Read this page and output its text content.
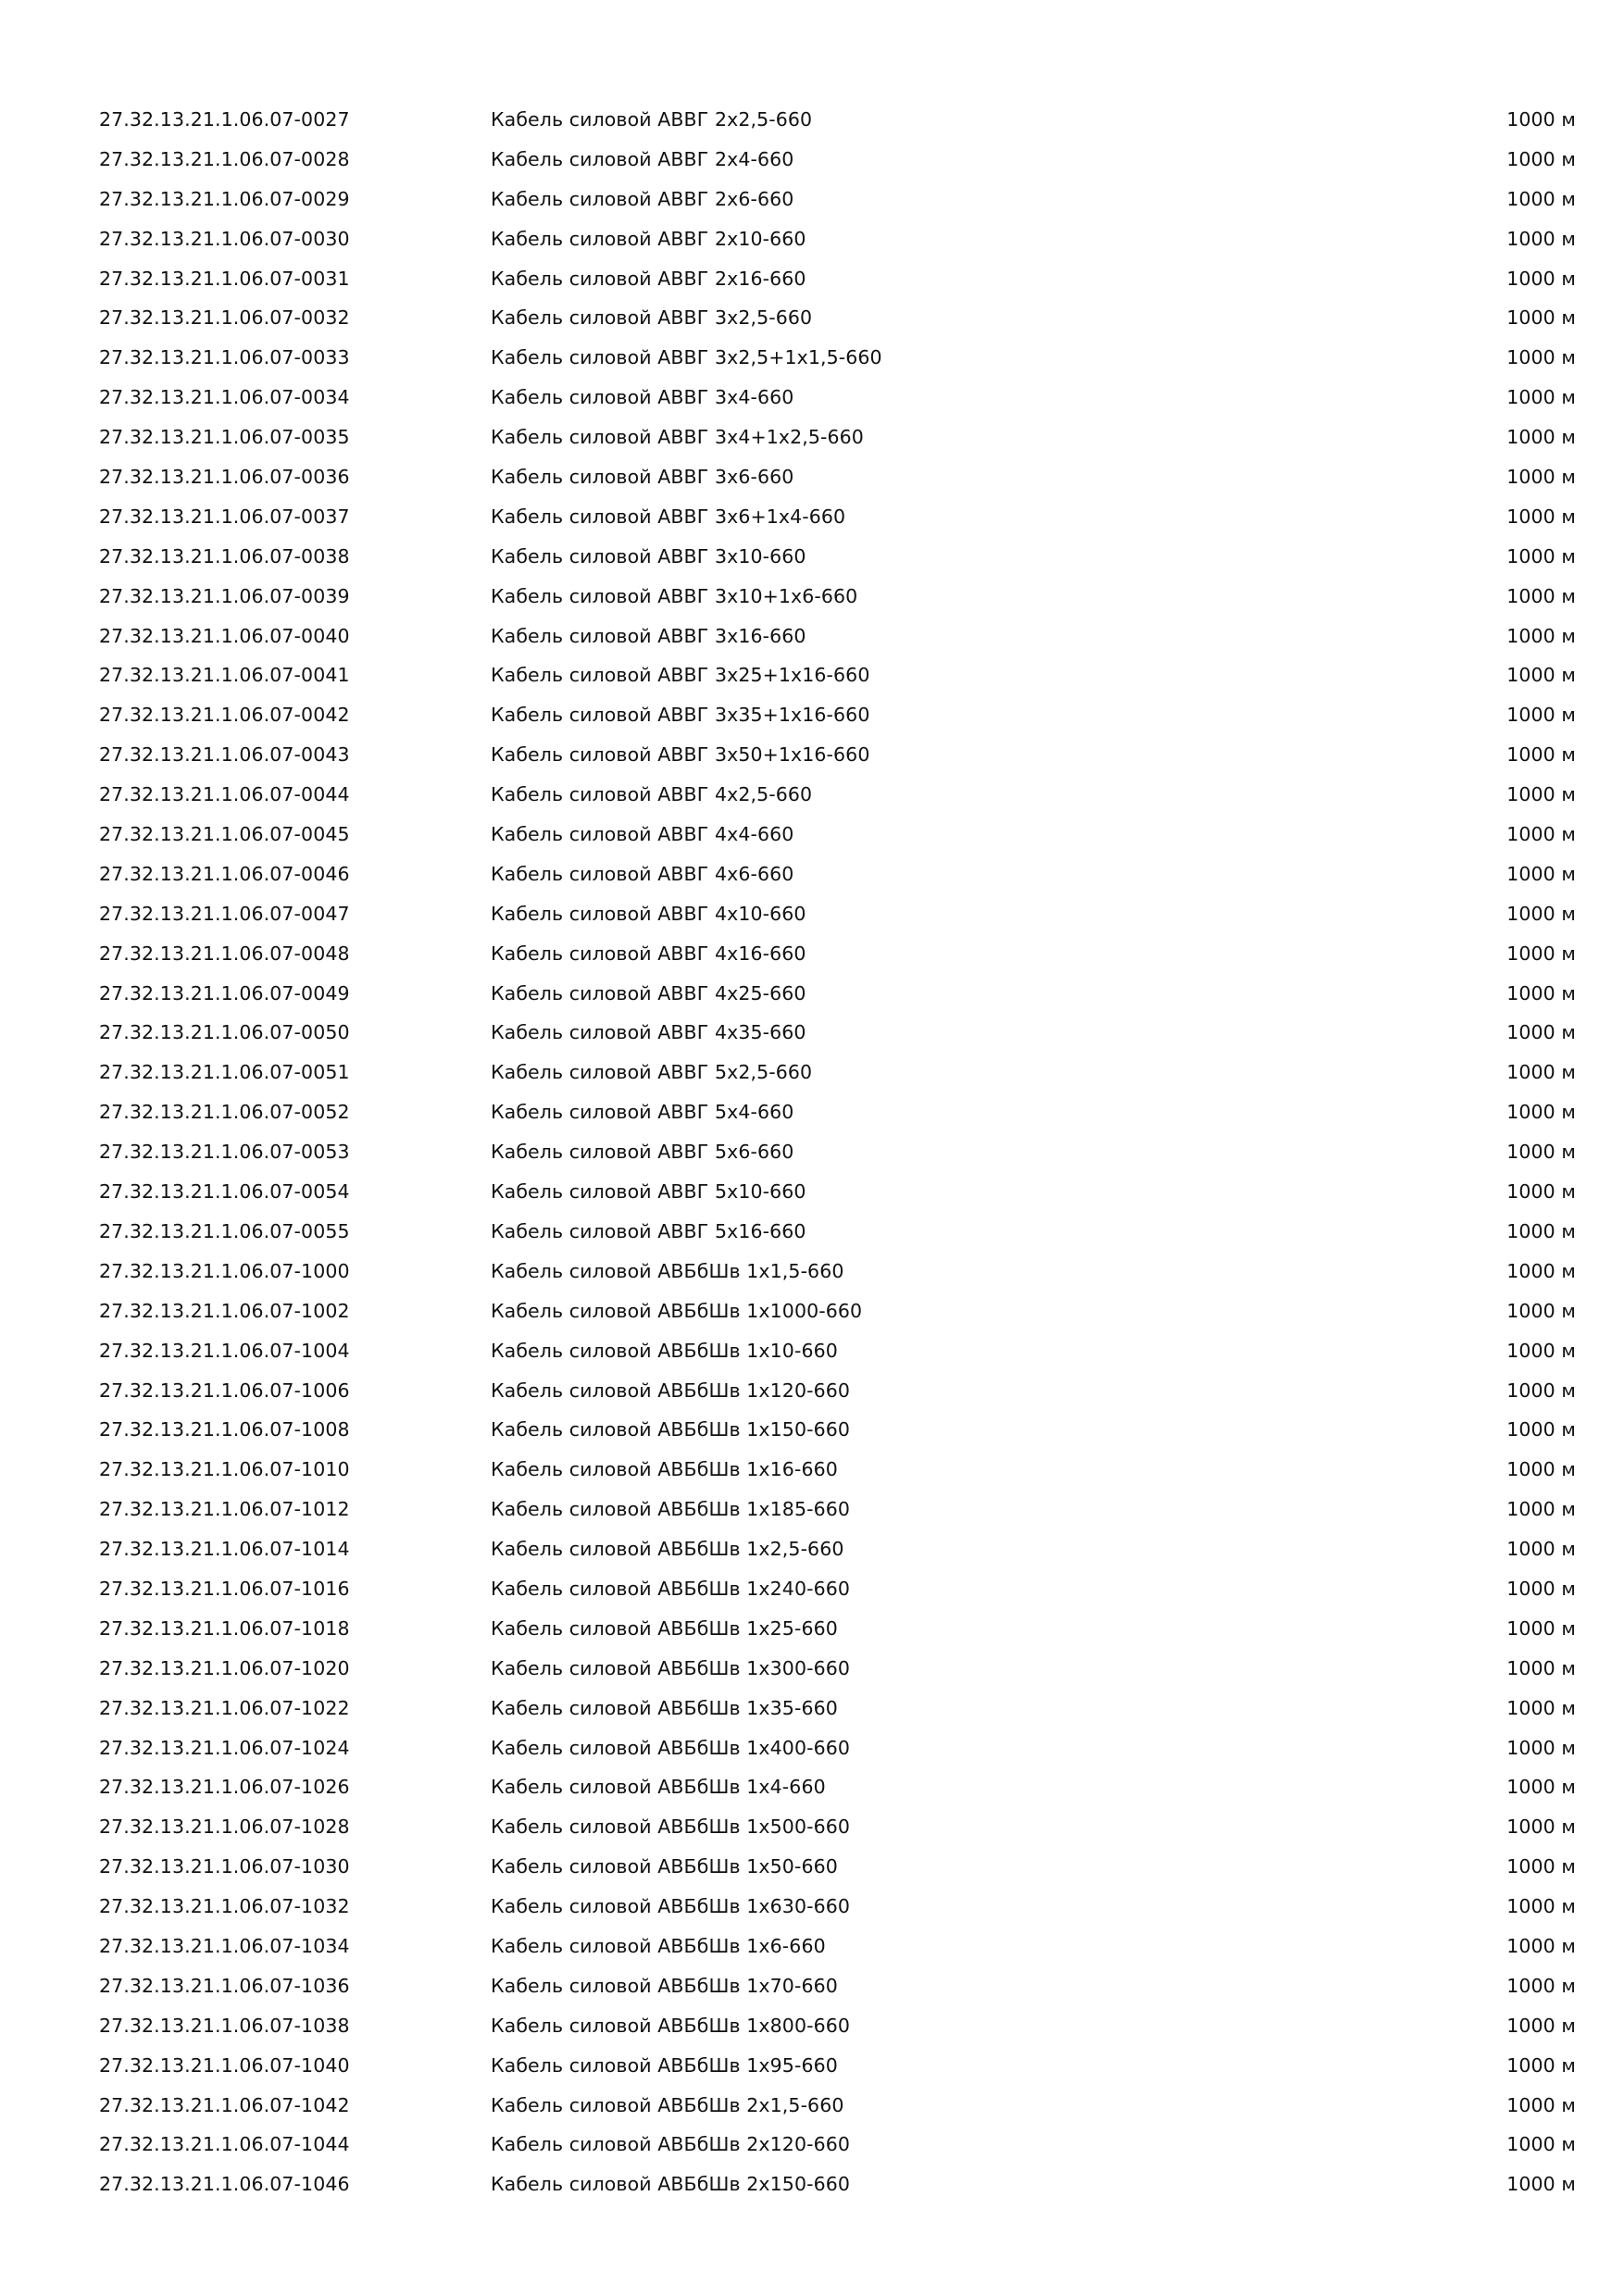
27.32.13.21.1.06.07-0027	Кабель силовой АВВГ 2х2,5-660	1000 м
27.32.13.21.1.06.07-0028	Кабель силовой АВВГ 2х4-660	1000 м
27.32.13.21.1.06.07-0029	Кабель силовой АВВГ 2х6-660	1000 м
27.32.13.21.1.06.07-0030	Кабель силовой АВВГ 2х10-660	1000 м
27.32.13.21.1.06.07-0031	Кабель силовой АВВГ 2х16-660	1000 м
27.32.13.21.1.06.07-0032	Кабель силовой АВВГ 3х2,5-660	1000 м
27.32.13.21.1.06.07-0033	Кабель силовой АВВГ 3х2,5+1х1,5-660	1000 м
27.32.13.21.1.06.07-0034	Кабель силовой АВВГ 3х4-660	1000 м
27.32.13.21.1.06.07-0035	Кабель силовой АВВГ 3х4+1х2,5-660	1000 м
27.32.13.21.1.06.07-0036	Кабель силовой АВВГ 3х6-660	1000 м
27.32.13.21.1.06.07-0037	Кабель силовой АВВГ 3х6+1х4-660	1000 м
27.32.13.21.1.06.07-0038	Кабель силовой АВВГ 3х10-660	1000 м
27.32.13.21.1.06.07-0039	Кабель силовой АВВГ 3х10+1х6-660	1000 м
27.32.13.21.1.06.07-0040	Кабель силовой АВВГ 3х16-660	1000 м
27.32.13.21.1.06.07-0041	Кабель силовой АВВГ 3х25+1х16-660	1000 м
27.32.13.21.1.06.07-0042	Кабель силовой АВВГ 3х35+1х16-660	1000 м
27.32.13.21.1.06.07-0043	Кабель силовой АВВГ 3х50+1х16-660	1000 м
27.32.13.21.1.06.07-0044	Кабель силовой АВВГ 4х2,5-660	1000 м
27.32.13.21.1.06.07-0045	Кабель силовой АВВГ 4х4-660	1000 м
27.32.13.21.1.06.07-0046	Кабель силовой АВВГ 4х6-660	1000 м
27.32.13.21.1.06.07-0047	Кабель силовой АВВГ 4х10-660	1000 м
27.32.13.21.1.06.07-0048	Кабель силовой АВВГ 4х16-660	1000 м
27.32.13.21.1.06.07-0049	Кабель силовой АВВГ 4х25-660	1000 м
27.32.13.21.1.06.07-0050	Кабель силовой АВВГ 4х35-660	1000 м
27.32.13.21.1.06.07-0051	Кабель силовой АВВГ 5х2,5-660	1000 м
27.32.13.21.1.06.07-0052	Кабель силовой АВВГ 5х4-660	1000 м
27.32.13.21.1.06.07-0053	Кабель силовой АВВГ 5х6-660	1000 м
27.32.13.21.1.06.07-0054	Кабель силовой АВВГ 5х10-660	1000 м
27.32.13.21.1.06.07-0055	Кабель силовой АВВГ 5х16-660	1000 м
27.32.13.21.1.06.07-1000	Кабель силовой АВБбШв 1х1,5-660	1000 м
27.32.13.21.1.06.07-1002	Кабель силовой АВБбШв 1х1000-660	1000 м
27.32.13.21.1.06.07-1004	Кабель силовой АВБбШв 1х10-660	1000 м
27.32.13.21.1.06.07-1006	Кабель силовой АВБбШв 1х120-660	1000 м
27.32.13.21.1.06.07-1008	Кабель силовой АВБбШв 1х150-660	1000 м
27.32.13.21.1.06.07-1010	Кабель силовой АВБбШв 1х16-660	1000 м
27.32.13.21.1.06.07-1012	Кабель силовой АВБбШв 1х185-660	1000 м
27.32.13.21.1.06.07-1014	Кабель силовой АВБбШв 1х2,5-660	1000 м
27.32.13.21.1.06.07-1016	Кабель силовой АВБбШв 1х240-660	1000 м
27.32.13.21.1.06.07-1018	Кабель силовой АВБбШв 1х25-660	1000 м
27.32.13.21.1.06.07-1020	Кабель силовой АВБбШв 1х300-660	1000 м
27.32.13.21.1.06.07-1022	Кабель силовой АВБбШв 1х35-660	1000 м
27.32.13.21.1.06.07-1024	Кабель силовой АВБбШв 1х400-660	1000 м
27.32.13.21.1.06.07-1026	Кабель силовой АВБбШв 1х4-660	1000 м
27.32.13.21.1.06.07-1028	Кабель силовой АВБбШв 1х500-660	1000 м
27.32.13.21.1.06.07-1030	Кабель силовой АВБбШв 1х50-660	1000 м
27.32.13.21.1.06.07-1032	Кабель силовой АВБбШв 1х630-660	1000 м
27.32.13.21.1.06.07-1034	Кабель силовой АВБбШв 1х6-660	1000 м
27.32.13.21.1.06.07-1036	Кабель силовой АВБбШв 1х70-660	1000 м
27.32.13.21.1.06.07-1038	Кабель силовой АВБбШв 1х800-660	1000 м
27.32.13.21.1.06.07-1040	Кабель силовой АВБбШв 1х95-660	1000 м
27.32.13.21.1.06.07-1042	Кабель силовой АВБбШв 2х1,5-660	1000 м
27.32.13.21.1.06.07-1044	Кабель силовой АВБбШв 2х120-660	1000 м
27.32.13.21.1.06.07-1046	Кабель силовой АВБбШв 2х150-660	1000 м
